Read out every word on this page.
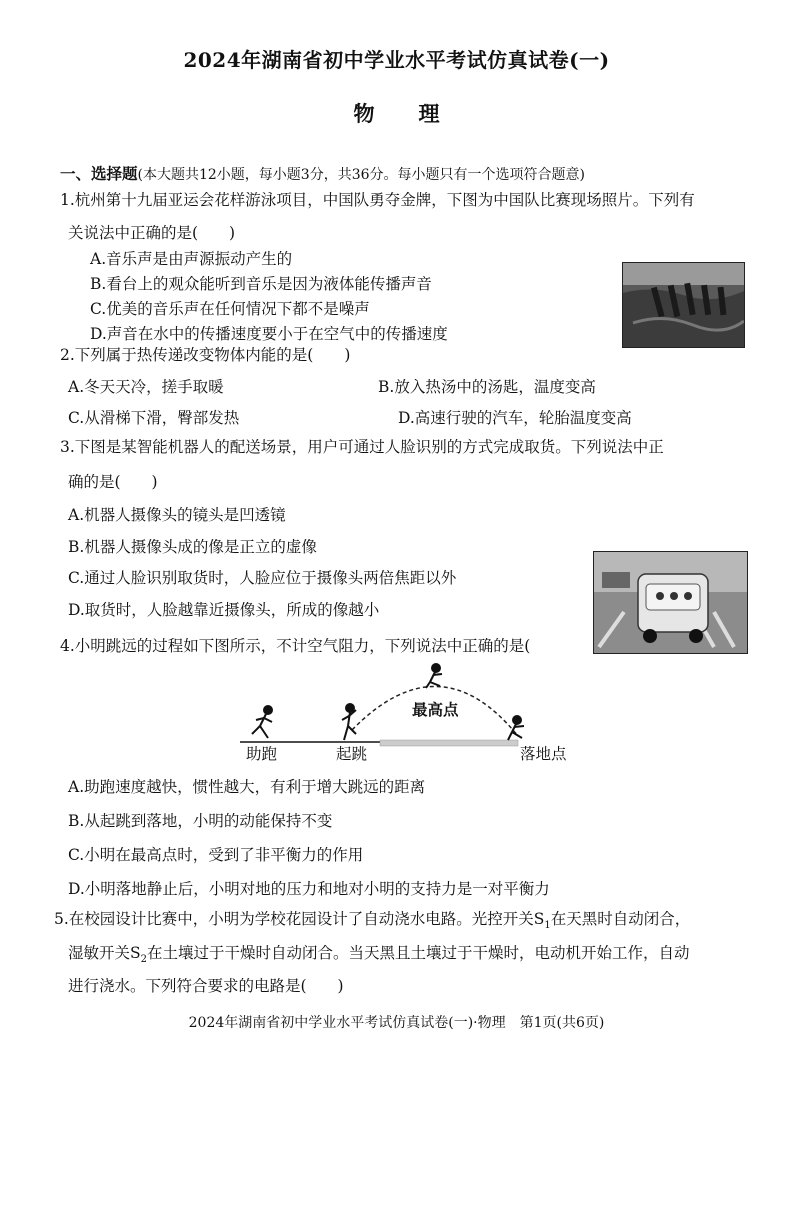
2024年湖南省初中学业水平考试仿真试卷(一)
物理
一、选择题(本大题共12小题，每小题3分，共36分。每小题只有一个选项符合题意)
1.杭州第十九届亚运会花样游泳项目，中国队勇夺金牌，下图为中国队比赛现场照片。下列有
关说法中正确的是(　　)
A.音乐声是由声源振动产生的
B.看台上的观众能听到音乐是因为液体能传播声音
C.优美的音乐声在任何情况下都不是噪声
D.声音在水中的传播速度要小于在空气中的传播速度
2.下列属于热传递改变物体内能的是(　　)
A.冬天天冷，搓手取暖	B.放入热汤中的汤匙，温度变高
C.从滑梯下滑，臀部发热	D.高速行驶的汽车，轮胎温度变高
3.下图是某智能机器人的配送场景，用户可通过人脸识别的方式完成取货。下列说法中正
确的是(　　)
A.机器人摄像头的镜头是凹透镜
B.机器人摄像头成的像是正立的虚像
C.通过人脸识别取货时，人脸应位于摄像头两倍焦距以外
D.取货时，人脸越靠近摄像头，所成的像越小
4.小明跳远的过程如下图所示，不计空气阻力，下列说法中正确的是(
助跑	起跳
最高点
落地点
A.助跑速度越快，惯性越大，有利于增大跳远的距离
B.从起跳到落地，小明的动能保持不变
C.小明在最高点时，受到了非平衡力的作用
D.小明落地静止后，小明对地的压力和地对小明的支持力是一对平衡力
5.在校园设计比赛中，小明为学校花园设计了自动浇水电路。光控开关$S_1$在天黑时自动闭合，
湿敏开关$S_2$在土壤过于干燥时自动闭合。当天黑且土壤过于干燥时，电动机开始工作，自动
进行浇水。下列符合要求的电路是(　　)
2024年湖南省初中学业水平考试仿真试卷(一)·物理　第1页(共6页)
